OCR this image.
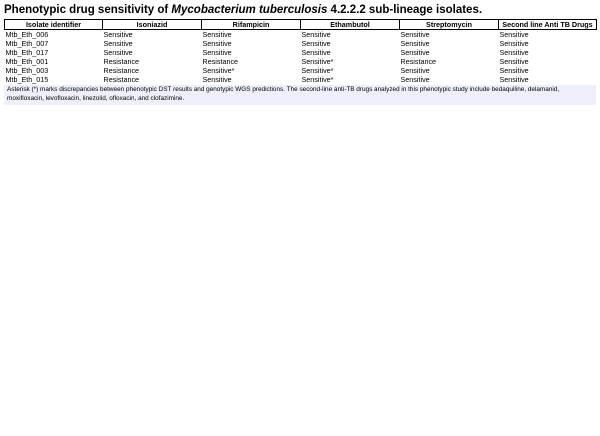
Phenotypic drug sensitivity of Mycobacterium tuberculosis 4.2.2.2 sub-lineage isolates.
Isolate identifier	Isoniazid	Rifampicin	Ethambutol	Streptomycin	Second line Anti TB Drugs
Mtb_Eth_006	Sensitive	Sensitive	Sensitive	Sensitive	Sensitive
Mtb_Eth_007	Sensitive	Sensitive	Sensitive	Sensitive	Sensitive
Mtb_Eth_017	Sensitive	Sensitive	Sensitive	Sensitive	Sensitive
Mtb_Eth_001	Resistance	Resistance	Sensitive*	Resistance	Sensitive
Mtb_Eth_003	Resistance	Sensitive*	Sensitive*	Sensitive	Sensitive
Mtb_Eth_015	Resistance	Sensitive	Sensitive*	Sensitive	Sensitive
Asterisk (*) marks discrepancies between phenotypic DST results and genotypic WGS predictions. The second-line anti-TB drugs analyzed in this phenotypic study include bedaquiline, delamanid, moxifloxacin, levofloxacin, linezolid, ofloxacin, and clofazimine.
